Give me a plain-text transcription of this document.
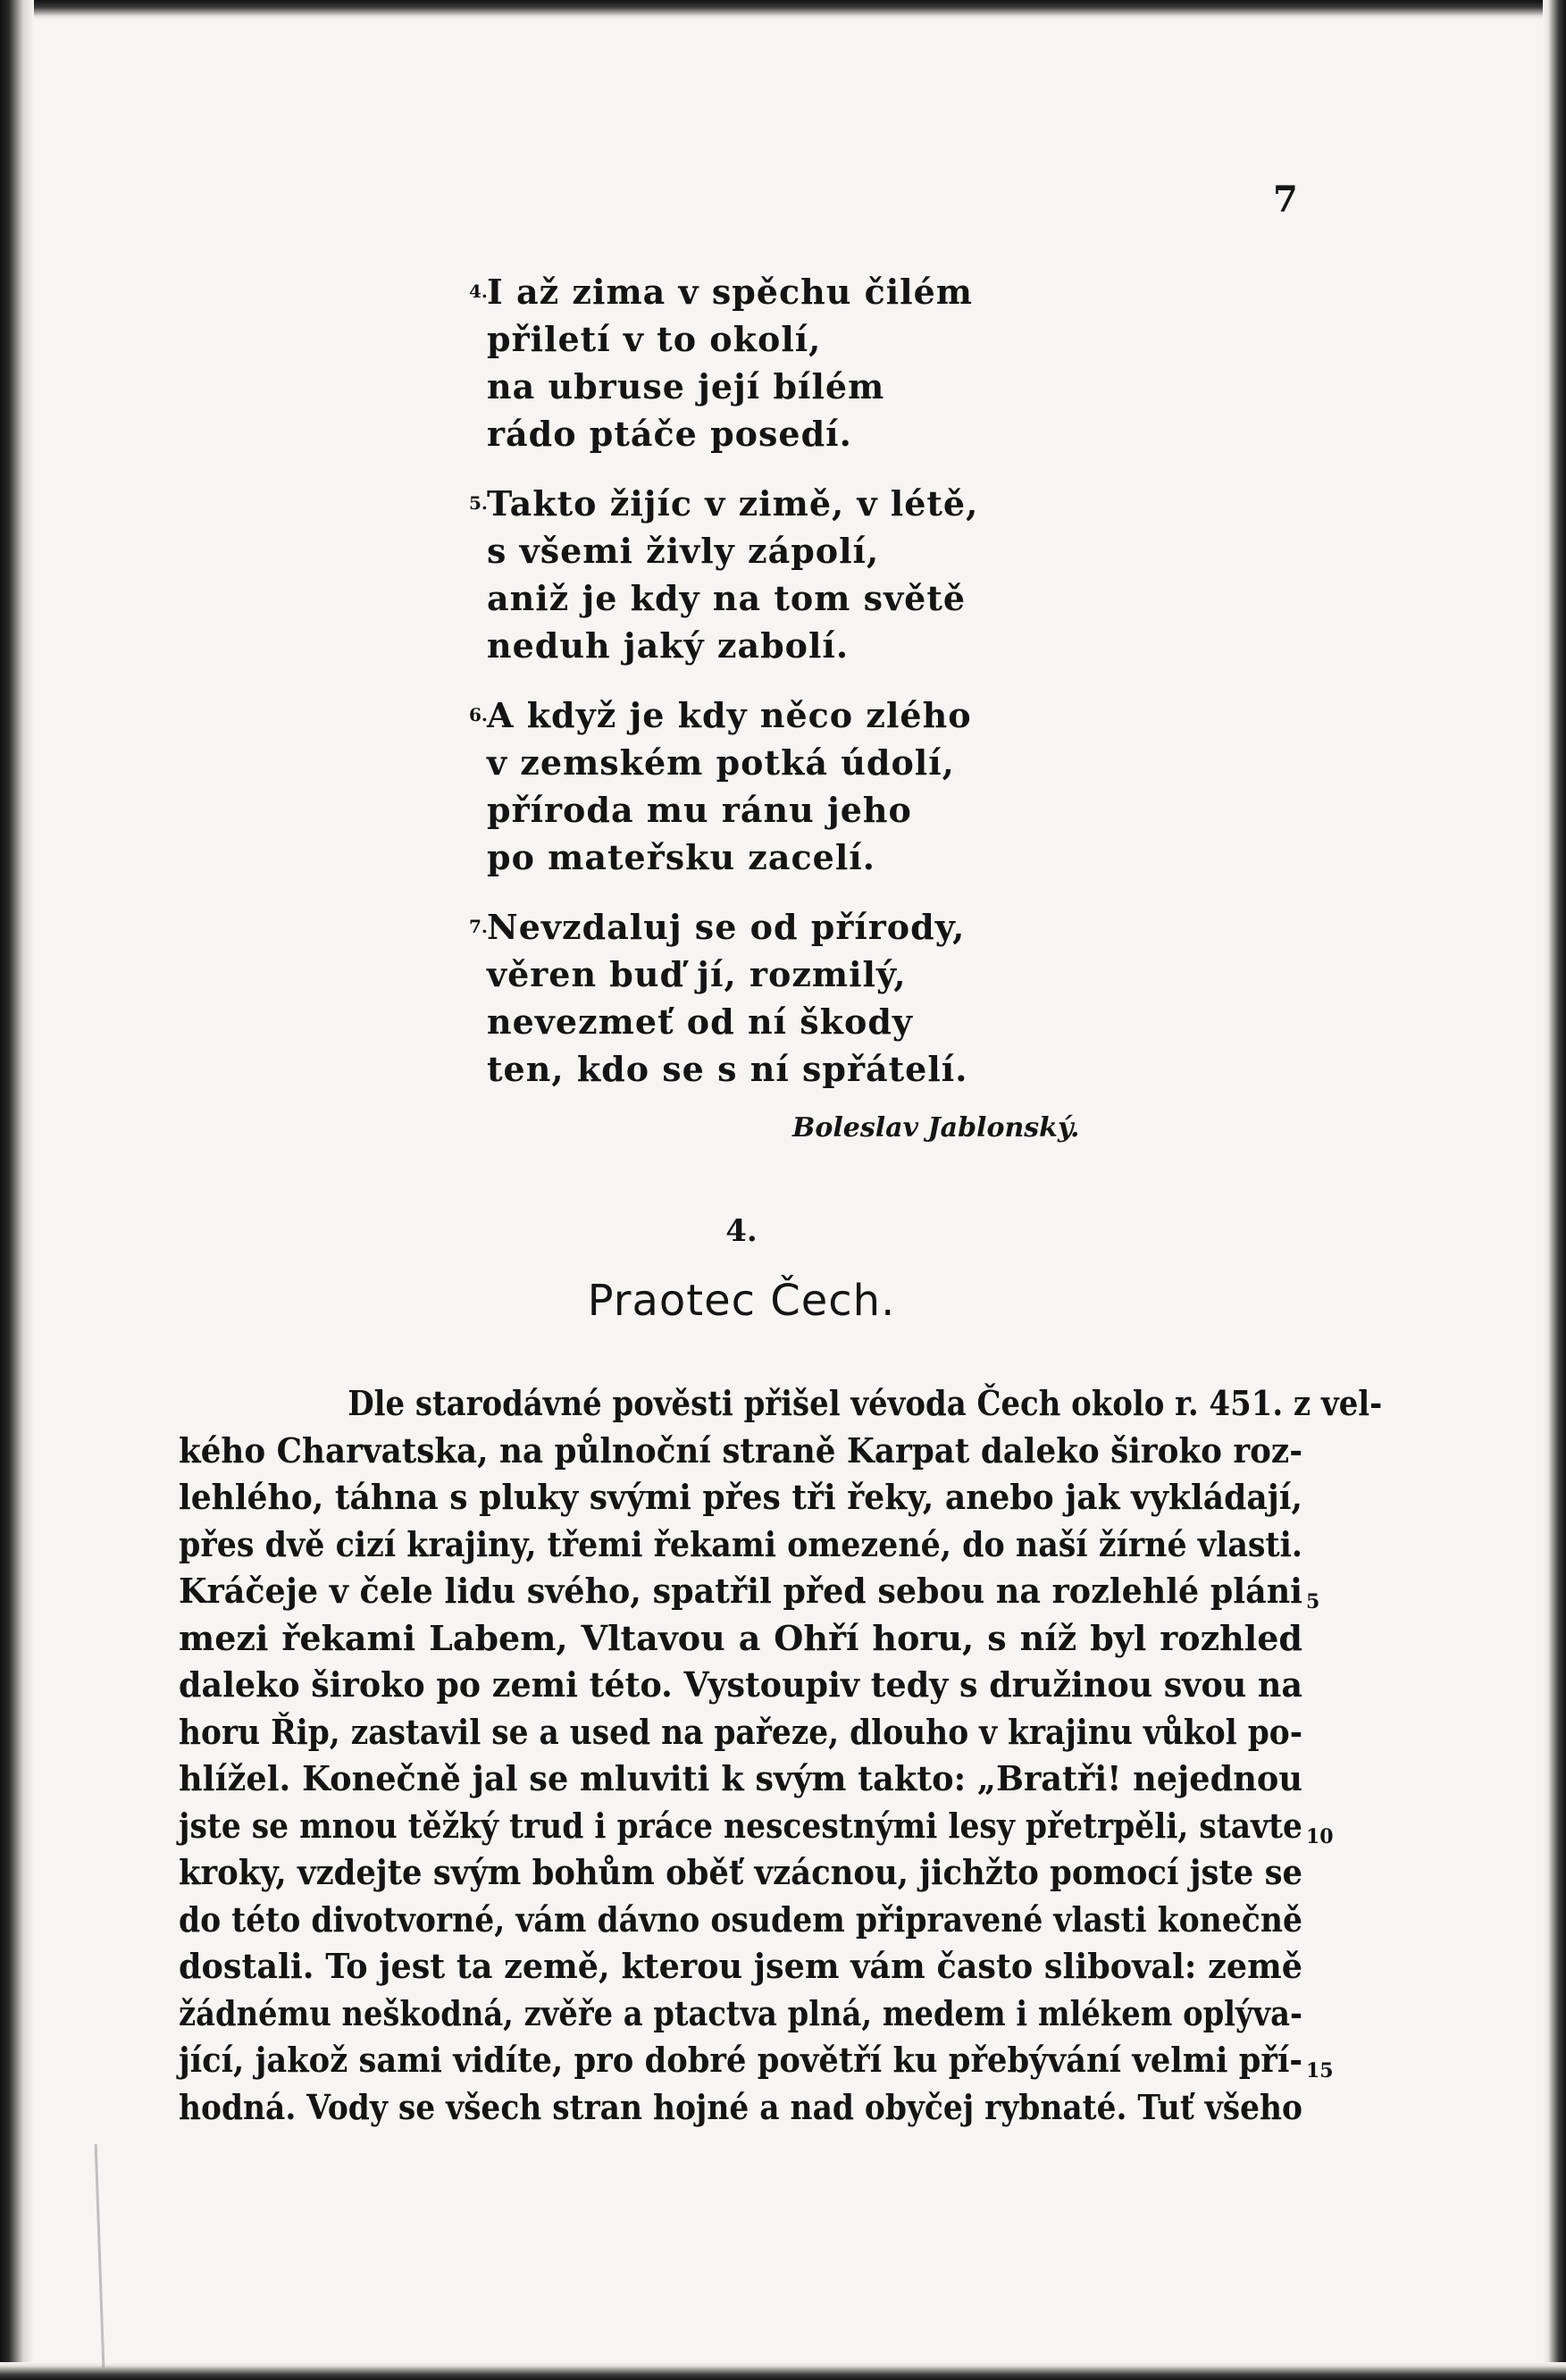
7
4. I až zima v spěchu čilém
přiletí v to okolí,
na ubruse její bílém
rádo ptáče posedí.
5. Takto žijíc v zimě, v létě,
s všemi živly zápolí,
aniž je kdy na tom světě
neduh jaký zabolí.
6. A když je kdy něco zlého
v zemském potká údolí,
příroda mu ránu jeho
po mateřsku zacelí.
7. Nevzdaluj se od přírody,
věren buď jí, rozmilý,
nevezmeť od ní škody
ten, kdo se s ní spřátelí.
Boleslav Jablonský.
4.
Praotec Čech.
Dle starodávné pověsti přišel vévoda Čech okolo r. 451. z vel-
kého Charvatska, na půlnoční straně Karpat daleko široko roz-
lehlého, táhna s pluky svými přes tři řeky, anebo jak vykládají,
přes dvě cizí krajiny, třemi řekami omezené, do naší žírné vlasti.
Kráčeje v čele lidu svého, spatřil před sebou na rozlehlé pláni 5
mezi řekami Labem, Vltavou a Ohří horu, s níž byl rozhled
daleko široko po zemi této. Vystoupiv tedy s družinou svou na
horu Řip, zastavil se a used na pařeze, dlouho v krajinu vůkol po-
hlížel. Konečně jal se mluviti k svým takto: „Bratři! nejednou
jste se mnou těžký trud i práce nescestnými lesy přetrpěli, stavte 10
kroky, vzdejte svým bohům oběť vzácnou, jichžto pomocí jste se
do této divotvorné, vám dávno osudem připravené vlasti konečně
dostali. To jest ta země, kterou jsem vám často sliboval: země
žádnému neškodná, zvěře a ptactva plná, medem i mlékem oplýva-
jící, jakož sami vidíte, pro dobré povětří ku přebývání velmi pří- 15
hodná. Vody se všech stran hojné a nad obyčej rybnaté. Tuť všeho
